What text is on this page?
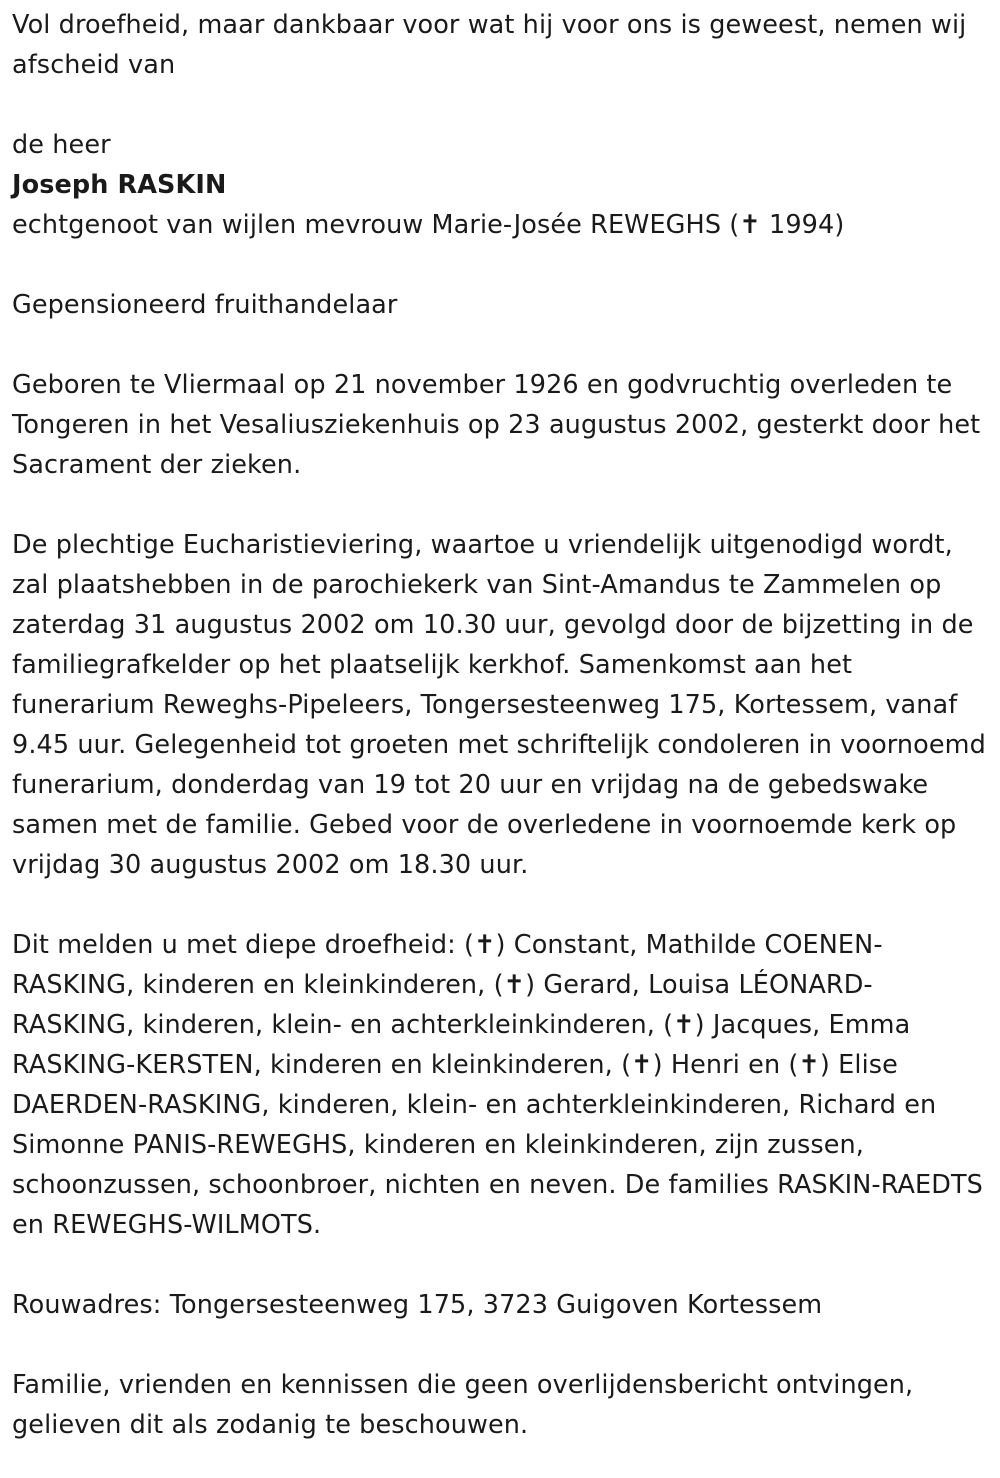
Vol droefheid, maar dankbaar voor wat hij voor ons is geweest, nemen wij afscheid van

de heer

Joseph RASKIN

echtgenoot van wijlen mevrouw Marie-Josée REWEGHS (✝ 1994)

Gepensioneerd fruithandelaar

Geboren te Vliermaal op 21 november 1926 en godvruchtig overleden te Tongeren in het Vesaliusziekenhuis op 23 augustus 2002, gesterkt door het Sacrament der zieken.

De plechtige Eucharistieviering, waartoe u vriendelijk uitgenodigd wordt, zal plaatshebben in de parochiekerk van Sint-Amandus te Zammelen op zaterdag 31 augustus 2002 om 10.30 uur, gevolgd door de bijzetting in de familiegrafkelder op het plaatselijk kerkhof. Samenkomst aan het funerarium Reweghs-Pipeleers, Tongersesteenweg 175, Kortessem, vanaf 9.45 uur. Gelegenheid tot groeten met schriftelijk condoleren in voornoemd funerarium, donderdag van 19 tot 20 uur en vrijdag na de gebedswake samen met de familie. Gebed voor de overledene in voornoemde kerk op vrijdag 30 augustus 2002 om 18.30 uur.

Dit melden u met diepe droefheid: (✝) Constant, Mathilde COENEN-RASKING, kinderen en kleinkinderen, (✝) Gerard, Louisa LÉONARD-RASKING, kinderen, klein- en achterkleinkinderen, (✝) Jacques, Emma RASKING-KERSTEN, kinderen en kleinkinderen, (✝) Henri en (✝) Elise DAERDEN-RASKING, kinderen, klein- en achterkleinkinderen, Richard en Simonne PANIS-REWEGHS, kinderen en kleinkinderen, zijn zussen, schoonzussen, schoonbroer, nichten en neven. De families RASKIN-RAEDTS en REWEGHS-WILMOTS.

Rouwadres: Tongersesteenweg 175, 3723 Guigoven Kortessem

Familie, vrienden en kennissen die geen overlijdensbericht ontvingen, gelieven dit als zodanig te beschouwen.
